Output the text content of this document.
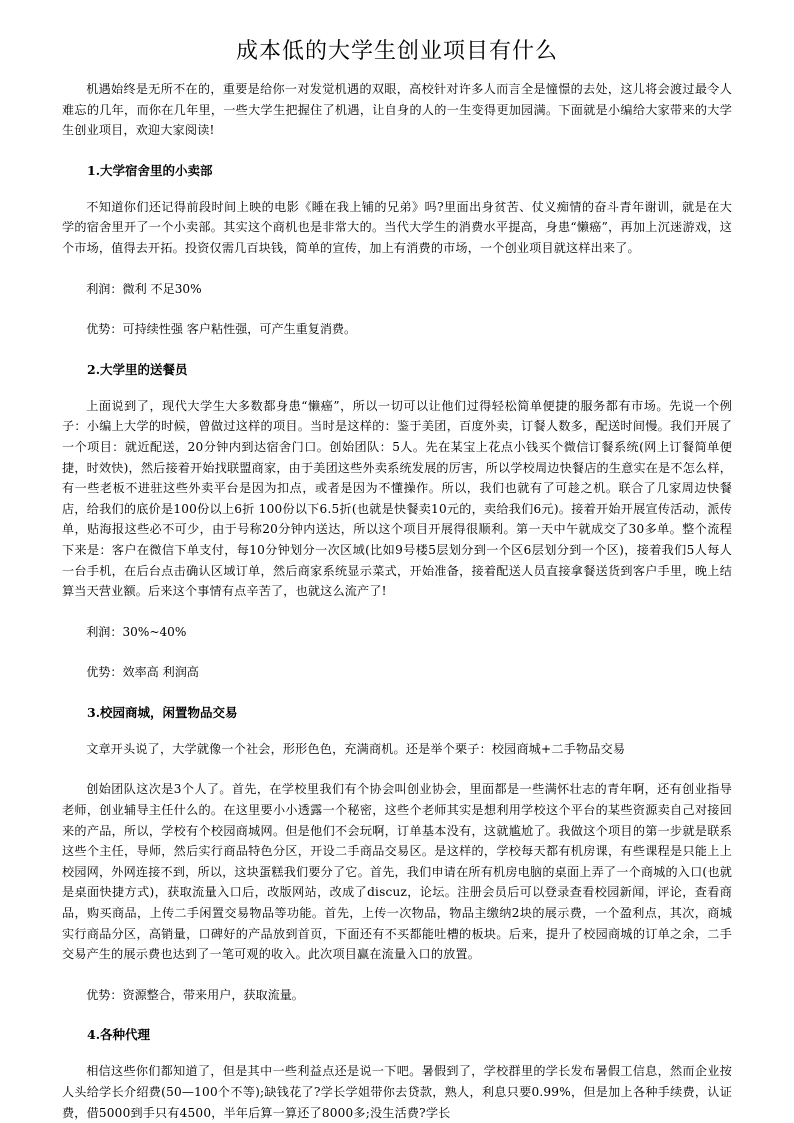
成本低的大学生创业项目有什么

机遇始终是无所不在的，重要是给你一对发觉机遇的双眼，高校针对许多人而言全是憧憬的去处，这儿将会渡过最令人难忘的几年，而你在几年里，一些大学生把握住了机遇，让自身的人的一生变得更加园满。下面就是小编给大家带来的大学生创业项目，欢迎大家阅读!

1.大学宿舍里的小卖部

不知道你们还记得前段时间上映的电影《睡在我上铺的兄弟》吗?里面出身贫苦、仗义痴情的奋斗青年谢训，就是在大学的宿舍里开了一个小卖部。其实这个商机也是非常大的。当代大学生的消费水平提高，身患“懒癌”，再加上沉迷游戏，这个市场，值得去开拓。投资仅需几百块钱，简单的宣传，加上有消费的市场，一个创业项目就这样出来了。

利润：微利 不足30%

优势：可持续性强 客户粘性强，可产生重复消费。

2.大学里的送餐员

上面说到了，现代大学生大多数都身患“懒癌”，所以一切可以让他们过得轻松简单便捷的服务都有市场。先说一个例子：小编上大学的时候，曾做过这样的项目。当时是这样的：鉴于美团，百度外卖，订餐人数多，配送时间慢。我们开展了一个项目：就近配送，20分钟内到达宿舍门口。创始团队：5人。先在某宝上花点小钱买个微信订餐系统(网上订餐简单便捷，时效快)，然后接着开始找联盟商家，由于美团这些外卖系统发展的厉害，所以学校周边快餐店的生意实在是不怎么样，有一些老板不进驻这些外卖平台是因为扣点，或者是因为不懂操作。所以，我们也就有了可趁之机。联合了几家周边快餐店，给我们的底价是100份以上6折 100份以下6.5折(也就是快餐卖10元的，卖给我们6元)。接着开始开展宣传活动，派传单，贴海报这些必不可少，由于号称20分钟内送达，所以这个项目开展得很顺利。第一天中午就成交了30多单。整个流程下来是：客户在微信下单支付，每10分钟划分一次区域(比如9号楼5层划分到一个区6层划分到一个区)，接着我们5人每人一台手机，在后台点击确认区域订单，然后商家系统显示菜式，开始准备，接着配送人员直接拿餐送货到客户手里，晚上结算当天营业额。后来这个事情有点辛苦了，也就这么流产了!

利润：30%~40%

优势：效率高 利润高

3.校园商城，闲置物品交易

文章开头说了，大学就像一个社会，形形色色，充满商机。还是举个栗子：校园商城+二手物品交易

创始团队这次是3个人了。首先，在学校里我们有个协会叫创业协会，里面都是一些满怀壮志的青年啊，还有创业指导老师，创业辅导主任什么的。在这里要小小透露一个秘密，这些个老师其实是想利用学校这个平台的某些资源卖自己对接回来的产品，所以，学校有个校园商城网。但是他们不会玩啊，订单基本没有，这就尴尬了。我做这个项目的第一步就是联系这些个主任，导师，然后实行商品特色分区，开设二手商品交易区。是这样的，学校每天都有机房课，有些课程是只能上上校园网，外网连接不到，所以，这块蛋糕我们要分了它。首先，我们申请在所有机房电脑的桌面上弄了一个商城的入口(也就是桌面快捷方式)，获取流量入口后，改版网站，改成了discuz，论坛。注册会员后可以登录查看校园新闻，评论，查看商品，购买商品，上传二手闲置交易物品等功能。首先，上传一次物品，物品主缴纳2块的展示费，一个盈利点，其次，商城实行商品分区，高销量，口碑好的产品放到首页，下面还有不买都能吐槽的板块。后来，提升了校园商城的订单之余，二手交易产生的展示费也达到了一笔可观的收入。此次项目赢在流量入口的放置。

优势：资源整合，带来用户，获取流量。

4.各种代理

相信这些你们都知道了，但是其中一些利益点还是说一下吧。暑假到了，学校群里的学长发布暑假工信息，然而企业按人头给学长介绍费(50—100个不等);缺钱花了?学长学姐带你去贷款，熟人，利息只要0.99%，但是加上各种手续费，认证费，借5000到手只有4500，半年后算一算还了8000多;没生活费?学长
